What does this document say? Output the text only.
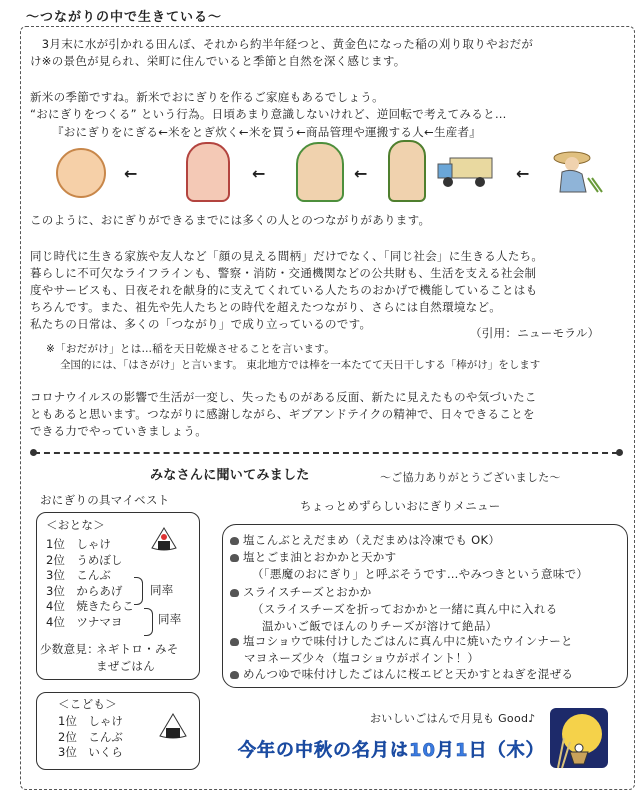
～つながりの中で生きている～
　3月末に水が引かれる田んぼ、それから約半年経つと、黄金色になった稲の刈り取りやおだが
け※の景色が見られ、栄町に住んでいると季節と自然を深く感じます。
新米の季節ですね。新米でおにぎりを作るご家庭もあるでしょう。
“おにぎりをつくる” という行為。日頃あまり意識しないけれど、逆回転で考えてみると…
『おにぎりをにぎる←米をとぎ炊く←米を買う←商品管理や運搬する人←生産者』
←	←	←	←
このように、おにぎりができるまでには多くの人とのつながりがあります。
同じ時代に生きる家族や友人など「顔の見える間柄」だけでなく、「同じ社会」に生きる人たち。
暮らしに不可欠なライフラインも、警察・消防・交通機関などの公共財も、生活を支える社会制
度やサービスも、日夜それを献身的に支えてくれている人たちのおかげで機能していることはも
ちろんです。また、祖先や先人たちとの時代を超えたつながり、さらには自然環境など。
私たちの日常は、多くの「つながり」で成り立っているのです。
（引用：ニューモラル）
※「おだがけ」とは…稲を天日乾燥させることを言います。
全国的には、「はさがけ」と言います。 東北地方では棒を一本たてて天日干しする「棒がけ」をします
コロナウイルスの影響で生活が一変し、失ったものがある反面、新たに見えたものや気づいたこ
ともあると思います。つながりに感謝しながら、ギブアンドテイクの精神で、日々できることを
できる力でやっていきましょう。
みなさんに聞いてみました	～ご協力ありがとうございました～
おにぎりの具マイベスト	ちょっとめずらしいおにぎりメニュー
＜おとな＞
1位　 しゃけ
2位　 うめぼし
3位　 こんぶ
3位　 からあげ
4位　 焼きたらこ
4位　 ツナマヨ
同率
同率
少数意見：
ネギトロ・みそ
まぜごはん
＜こども＞
1位　 しゃけ
2位　 こんぶ
3位　 いくら
塩こんぶとえだまめ（えだまめは冷凍でも OK）
塩とごま油とおかかと天かす
（「悪魔のおにぎり」と呼ぶそうです…やみつきという意味で）
スライスチーズとおかか
（スライスチーズを折っておかかと一緒に真ん中に入れる
温かいご飯でほんのりチーズが溶けて絶品）
塩コショウで味付けしたごはんに真ん中に焼いたウインナーと
マヨネーズ少々（塩コショウがポイント！）
めんつゆで味付けしたごはんに桜エビと天かすとねぎを混ぜる
おいしいごはんで月見も Good♪
今年の中秋の名月は10月1日（木）
